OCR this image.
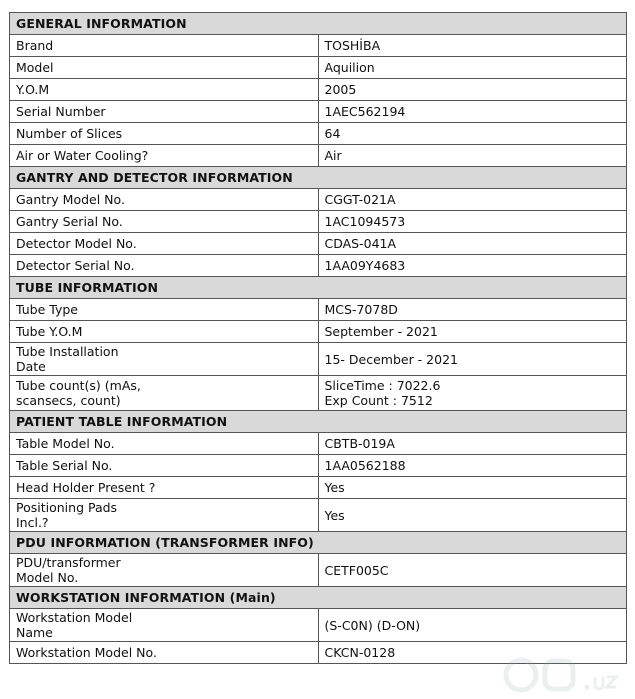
GENERAL INFORMATION	
Brand	TOSHİBA
Model	Aquilion
Y.O.M	2005
Serial Number	1AEC562194
Number of Slices	64
Air or Water Cooling?	Air
GANTRY AND DETECTOR INFORMATION	
Gantry Model No.	CGGT-021A
Gantry Serial No.	1AC1094573
Detector Model No.	CDAS-041A
Detector Serial No.	1AA09Y4683
TUBE INFORMATION	
Tube Type	MCS-7078D
Tube Y.O.M	September - 2021

Tube Installation
Date	15- December - 2021

Tube count(s) (mAs,
scansecs, count)	SliceTime : 7022.6
Exp Count : 7512

PATIENT TABLE INFORMATION	
Table Model No.	CBTB-019A
Table Serial No.	1AA0562188
Head Holder Present ?	Yes

Positioning Pads
Incl.?	Yes
PDU INFORMATION (TRANSFORMER INFO)	

PDU/transformer
Model No.	CETF005C
WORKSTATION INFORMATION (Main)	

Workstation Model
Name	(S-C0N) (D-ON)
Workstation Model No.	CKCN-0128
